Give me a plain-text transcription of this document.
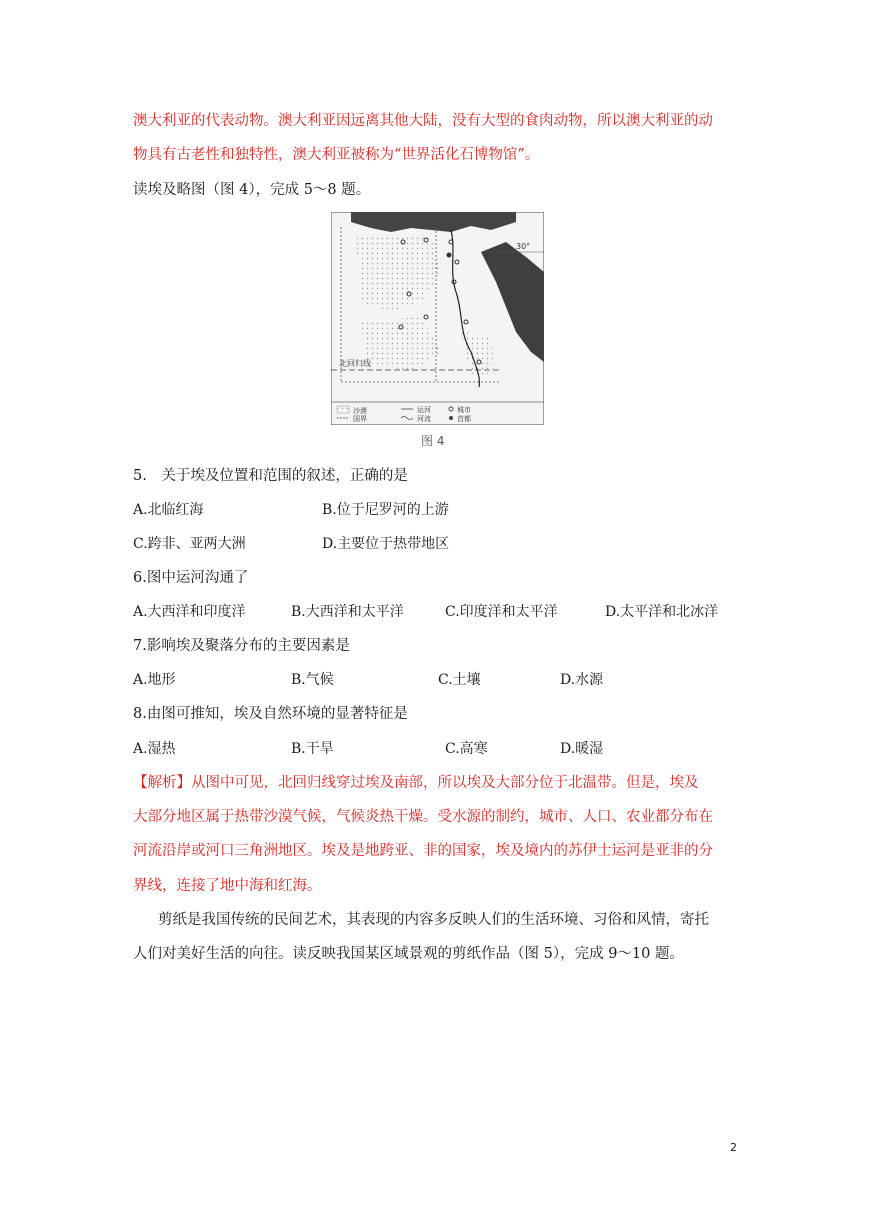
澳大利亚的代表动物。澳大利亚因远离其他大陆，没有大型的食肉动物，所以澳大利亚的动
物具有古老性和独特性，澳大利亚被称为“世界活化石博物馆”。
读埃及略图（图 4），完成 5～8 题。
30°
北回归线	阿斯旺
沙漠
国界
运河
河流
城市
首都
图 4
5.　关于埃及位置和范围的叙述，正确的是
A.北临红海	B.位于尼罗河的上游
C.跨非、亚两大洲	D.主要位于热带地区
6.图中运河沟通了
A.大西洋和印度洋	B.大西洋和太平洋	C.印度洋和太平洋	D.太平洋和北冰洋
7.影响埃及聚落分布的主要因素是
A.地形	B.气候	C.土壤	D.水源
8.由图可推知，埃及自然环境的显著特征是
A.湿热	B.干旱	C.高寒	D.暖湿
【解析】从图中可见，北回归线穿过埃及南部，所以埃及大部分位于北温带。但是，埃及
大部分地区属于热带沙漠气候，气候炎热干燥。受水源的制约，城市、人口、农业都分布在
河流沿岸或河口三角洲地区。埃及是地跨亚、非的国家，埃及境内的苏伊士运河是亚非的分
界线，连接了地中海和红海。
剪纸是我国传统的民间艺术，其表现的内容多反映人们的生活环境、习俗和风情，寄托
人们对美好生活的向往。读反映我国某区域景观的剪纸作品（图 5），完成 9～10 题。
2
